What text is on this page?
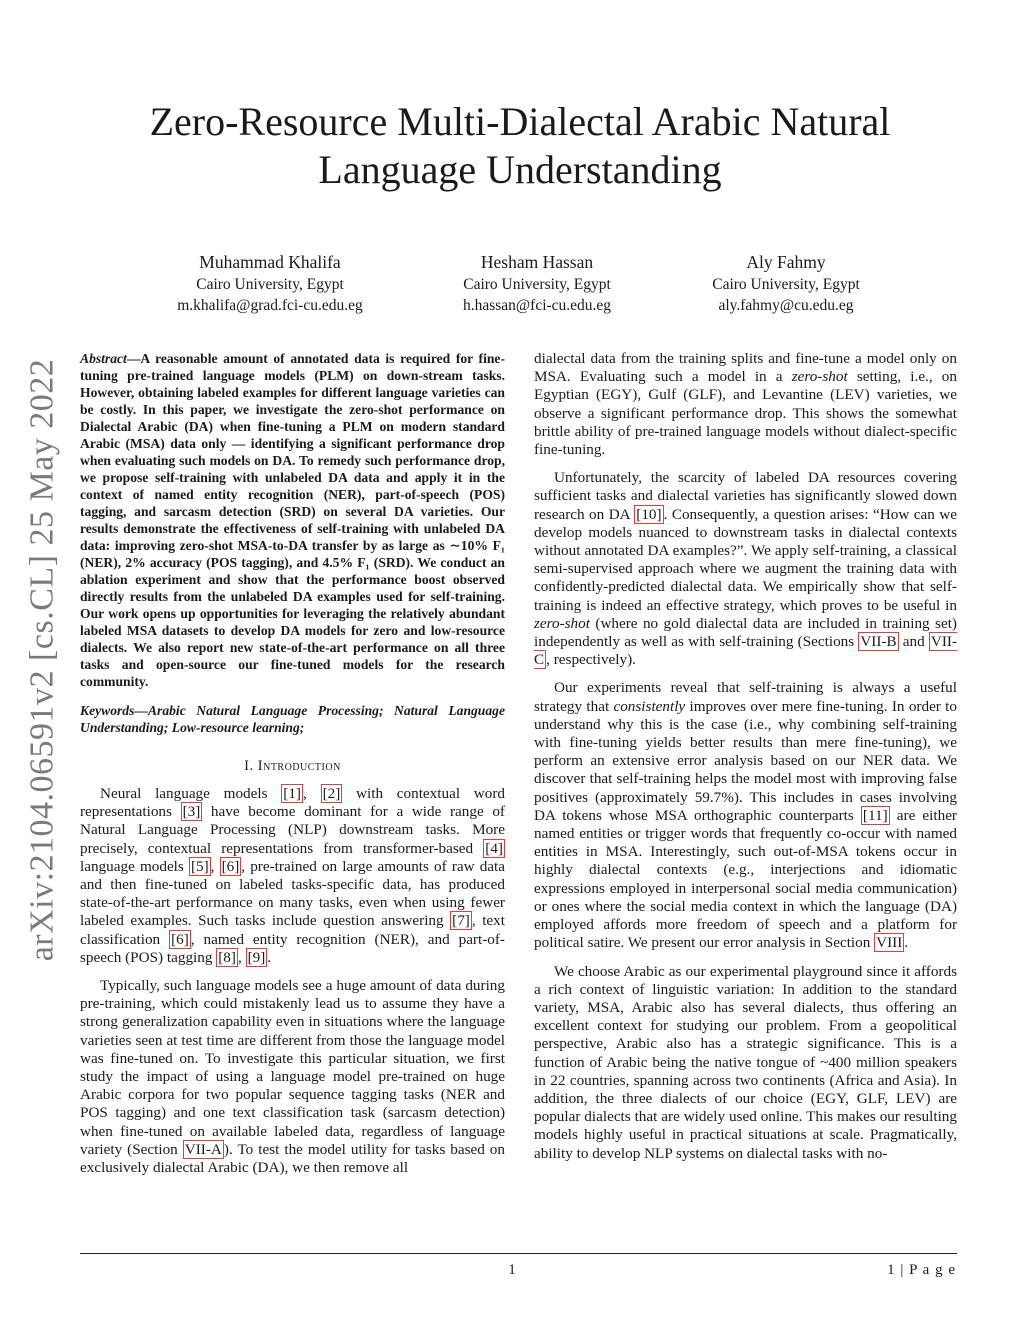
arXiv:2104.06591v2 [cs.CL] 25 May 2022
Zero-Resource Multi-Dialectal Arabic Natural Language Understanding
Muhammad Khalifa
Cairo University, Egypt
m.khalifa@grad.fci-cu.edu.eg
Hesham Hassan
Cairo University, Egypt
h.hassan@fci-cu.edu.eg
Aly Fahmy
Cairo University, Egypt
aly.fahmy@cu.edu.eg

Abstract—A reasonable amount of annotated data is required for fine-tuning pre-trained language models (PLM) on down-stream tasks. However, obtaining labeled examples for different language varieties can be costly. In this paper, we investigate the zero-shot performance on Dialectal Arabic (DA) when fine-tuning a PLM on modern standard Arabic (MSA) data only — identifying a significant performance drop when evaluating such models on DA. To remedy such performance drop, we propose self-training with unlabeled DA data and apply it in the context of named entity recognition (NER), part-of-speech (POS) tagging, and sarcasm detection (SRD) on several DA varieties. Our results demonstrate the effectiveness of self-training with unlabeled DA data: improving zero-shot MSA-to-DA transfer by as large as ∼10% F₁ (NER), 2% accuracy (POS tagging), and 4.5% F₁ (SRD). We conduct an ablation experiment and show that the performance boost observed directly results from the unlabeled DA examples used for self-training. Our work opens up opportunities for leveraging the relatively abundant labeled MSA datasets to develop DA models for zero and low-resource dialects. We also report new state-of-the-art performance on all three tasks and open-source our fine-tuned models for the research community.

Keywords—Arabic Natural Language Processing; Natural Language Understanding; Low-resource learning;

I. Introduction

Neural language models [1] , [2] with contextual word representations [3] have become dominant for a wide range of Natural Language Processing (NLP) downstream tasks. More precisely, contextual representations from transformer-based [4] language models [5] , [6] , pre-trained on large amounts of raw data and then fine-tuned on labeled tasks-specific data, has produced state-of-the-art performance on many tasks, even when using fewer labeled examples. Such tasks include question answering [7] , text classification [6] , named entity recognition (NER), and part-of-speech (POS) tagging [8] , [9] .

Typically, such language models see a huge amount of data during pre-training, which could mistakenly lead us to assume they have a strong generalization capability even in situations where the language varieties seen at test time are different from those the language model was fine-tuned on. To investigate this particular situation, we first study the impact of using a language model pre-trained on huge Arabic corpora for two popular sequence tagging tasks (NER and POS tagging) and one text classification task (sarcasm detection) when fine-tuned on available labeled data, regardless of language variety (Section VII-A ). To test the model utility for tasks based on exclusively dialectal Arabic (DA), we then remove all

dialectal data from the training splits and fine-tune a model only on MSA. Evaluating such a model in a zero-shot setting, i.e., on Egyptian (EGY), Gulf (GLF), and Levantine (LEV) varieties, we observe a significant performance drop. This shows the somewhat brittle ability of pre-trained language models without dialect-specific fine-tuning.

Unfortunately, the scarcity of labeled DA resources covering sufficient tasks and dialectal varieties has significantly slowed down research on DA [10] . Consequently, a question arises: “How can we develop models nuanced to downstream tasks in dialectal contexts without annotated DA examples?”. We apply self-training, a classical semi-supervised approach where we augment the training data with confidently-predicted dialectal data. We empirically show that self-training is indeed an effective strategy, which proves to be useful in zero-shot (where no gold dialectal data are included in training set) independently as well as with self-training (Sections VII-B and VII-C , respectively).

Our experiments reveal that self-training is always a useful strategy that consistently improves over mere fine-tuning. In order to understand why this is the case (i.e., why combining self-training with fine-tuning yields better results than mere fine-tuning), we perform an extensive error analysis based on our NER data. We discover that self-training helps the model most with improving false positives (approximately 59.7%). This includes in cases involving DA tokens whose MSA orthographic counterparts [11] are either named entities or trigger words that frequently co-occur with named entities in MSA. Interestingly, such out-of-MSA tokens occur in highly dialectal contexts (e.g., interjections and idiomatic expressions employed in interpersonal social media communication) or ones where the social media context in which the language (DA) employed affords more freedom of speech and a platform for political satire. We present our error analysis in Section VIII .

We choose Arabic as our experimental playground since it affords a rich context of linguistic variation: In addition to the standard variety, MSA, Arabic also has several dialects, thus offering an excellent context for studying our problem. From a geopolitical perspective, Arabic also has a strategic significance. This is a function of Arabic being the native tongue of ~400 million speakers in 22 countries, spanning across two continents (Africa and Asia). In addition, the three dialects of our choice (EGY, GLF, LEV) are popular dialects that are widely used online. This makes our resulting models highly useful in practical situations at scale. Pragmatically, ability to develop NLP systems on dialectal tasks with no-

1	1 | P a g e
